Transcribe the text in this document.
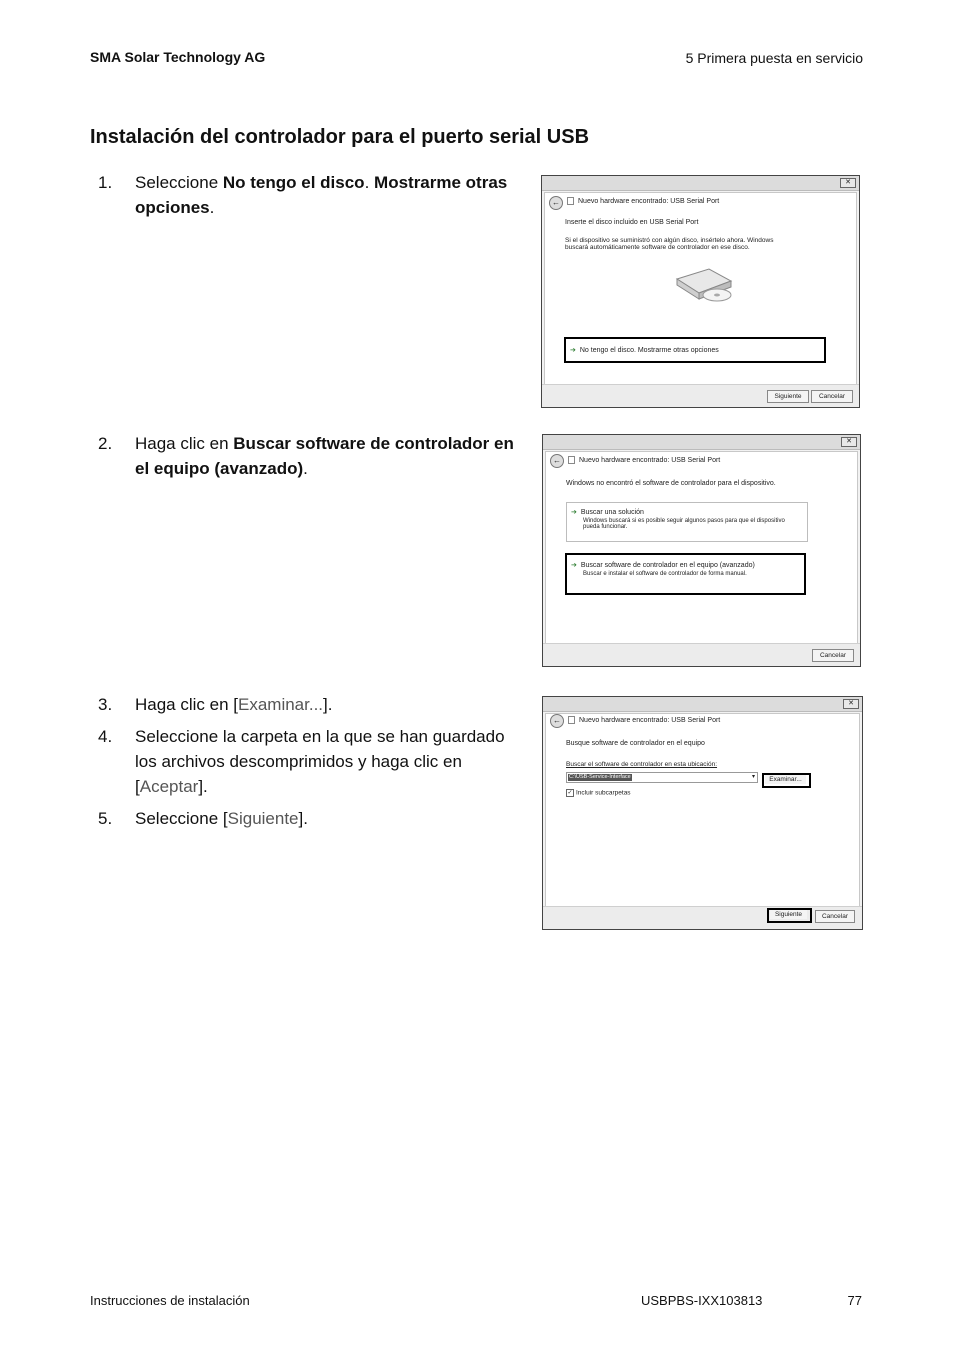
SMA Solar Technology AG	5 Primera puesta en servicio
Instalación del controlador para el puerto serial USB
1. Seleccione No tengo el disco. Mostrarme otras opciones.
✕
←	Nuevo hardware encontrado: USB Serial Port
Inserte el disco incluido en USB Serial Port
Si el dispositivo se suministró con algún disco, insértelo ahora. Windows buscará automáticamente software de controlador en ese disco.
➔ No tengo el disco. Mostrarme otras opciones
Siguiente	Cancelar
2. Haga clic en Buscar software de controlador en el equipo (avanzado).
✕
←	Nuevo hardware encontrado: USB Serial Port
Windows no encontró el software de controlador para el dispositivo.
➔ Buscar una solución
Windows buscará si es posible seguir algunos pasos para que el dispositivo pueda funcionar.
➔ Buscar software de controlador en el equipo (avanzado)
Buscar e instalar el software de controlador de forma manual.
Cancelar
3. Haga clic en [Examinar...].
4. Seleccione la carpeta en la que se han guardado los archivos descomprimidos y haga clic en [Aceptar].
5. Seleccione [Siguiente].
✕
←	Nuevo hardware encontrado: USB Serial Port
Busque software de controlador en el equipo
Buscar el software de controlador en esta ubicación:
C:\USB-Service-Interface	▾
✓ Incluir subcarpetas
Examinar...
Siguiente	Cancelar
Instrucciones de instalación	USBPBS-IXX103813	77
